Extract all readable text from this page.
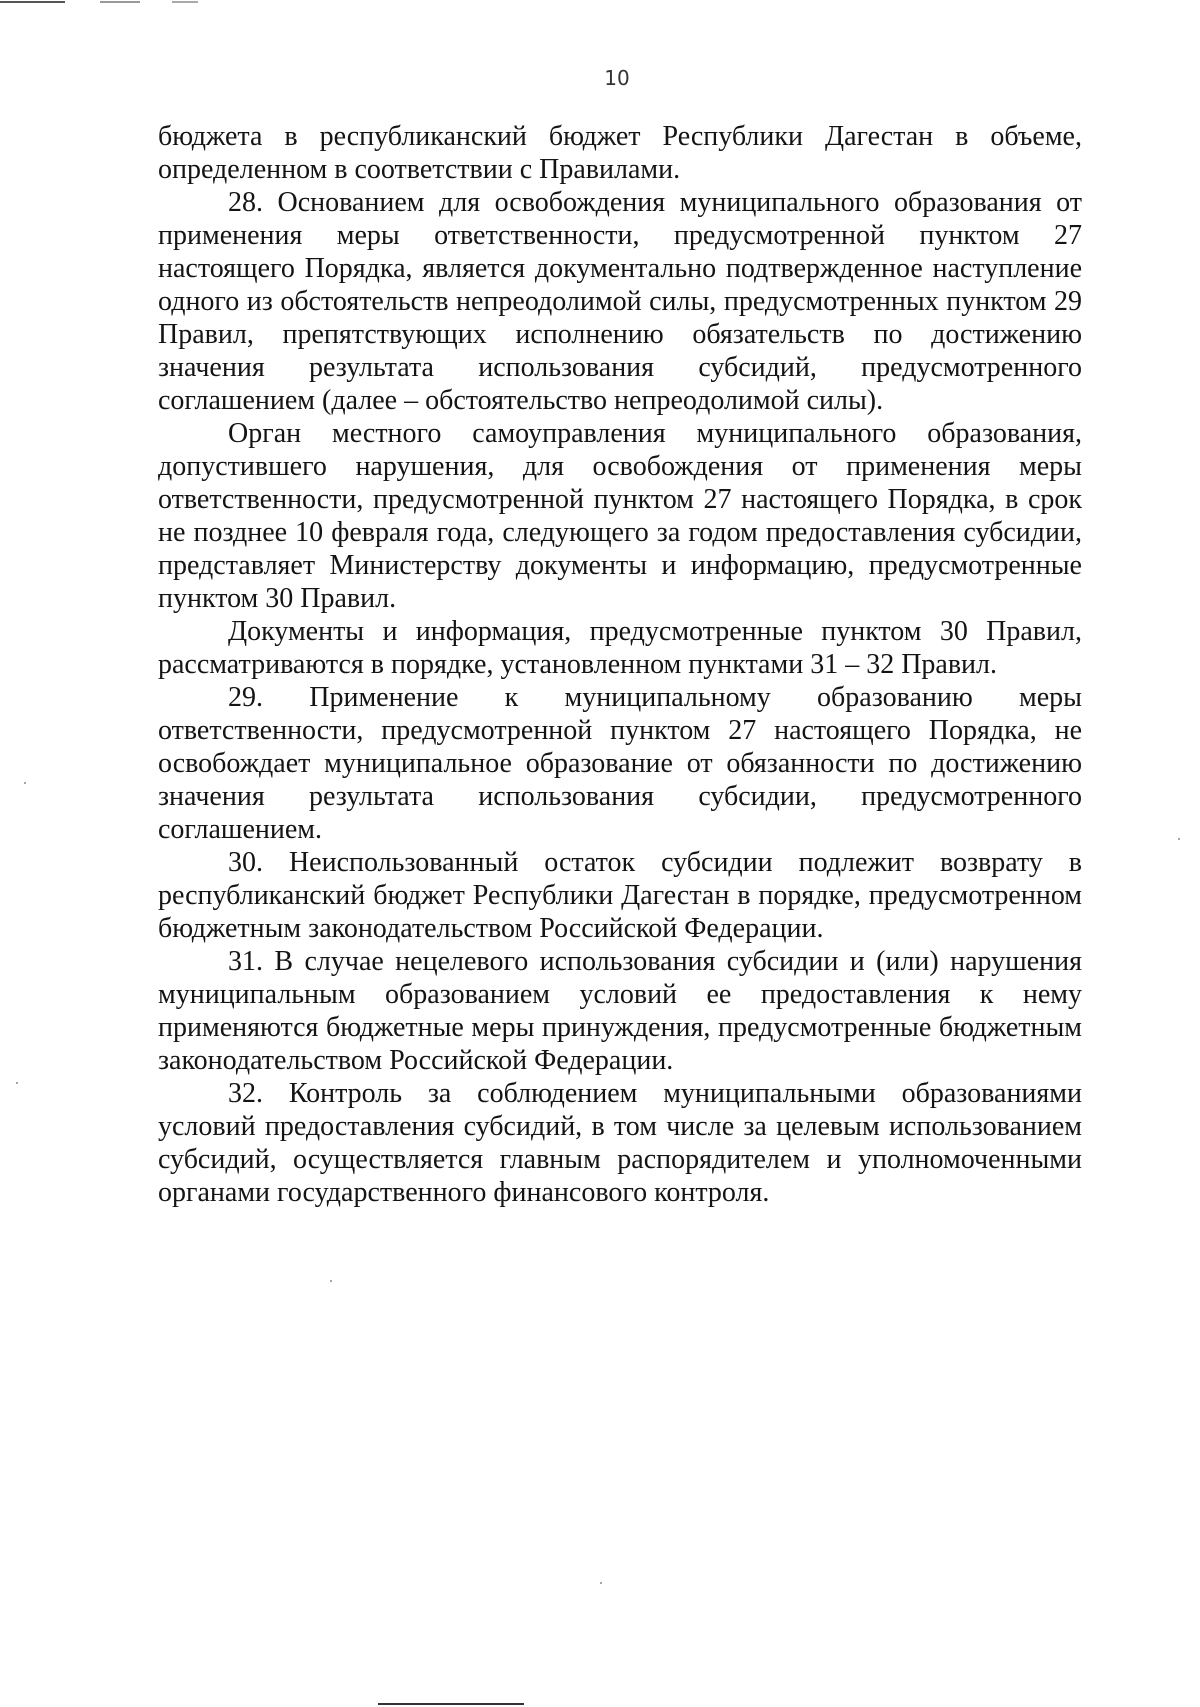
10

бюджета в республиканский бюджет Республики Дагестан в объеме, определенном в соответствии с Правилами.

28. Основанием для освобождения муниципального образования от применения меры ответственности, предусмотренной пунктом 27 настоящего Порядка, является документально подтвержденное наступление одного из обстоятельств непреодолимой силы, предусмотренных пунктом 29 Правил, препятствующих исполнению обязательств по достижению значения результата использования субсидий, предусмотренного соглашением (далее – обстоятельство непреодолимой силы).

Орган местного самоуправления муниципального образования, допустившего нарушения, для освобождения от применения меры ответственности, предусмотренной пунктом 27 настоящего Порядка, в срок не позднее 10 февраля года, следующего за годом предоставления субсидии, представляет Министерству документы и информацию, предусмотренные пунктом 30 Правил.

Документы и информация, предусмотренные пунктом 30 Правил, рассматриваются в порядке, установленном пунктами 31 – 32 Правил.

29. Применение к муниципальному образованию меры ответственности, предусмотренной пунктом 27 настоящего Порядка, не освобождает муниципальное образование от обязанности по достижению значения результата использования субсидии, предусмотренного соглашением.

30. Неиспользованный остаток субсидии подлежит возврату в республиканский бюджет Республики Дагестан в порядке, предусмотренном бюджетным законодательством Российской Федерации.

31. В случае нецелевого использования субсидии и (или) нарушения муниципальным образованием условий ее предоставления к нему применяются бюджетные меры принуждения, предусмотренные бюджетным законодательством Российской Федерации.

32. Контроль за соблюдением муниципальными образованиями условий предоставления субсидий, в том числе за целевым использованием субсидий, осуществляется главным распорядителем и уполномоченными органами государственного финансового контроля.
